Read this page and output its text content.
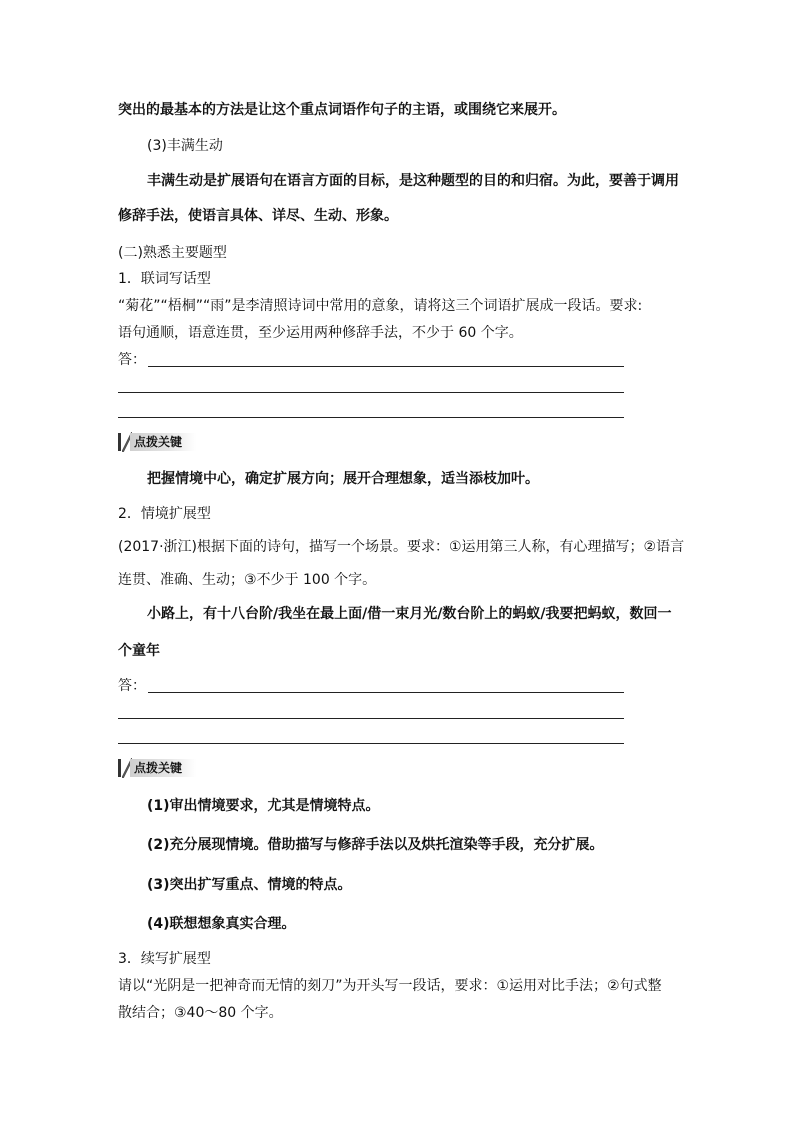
突出的最基本的方法是让这个重点词语作句子的主语，或围绕它来展开。
(3)丰满生动
丰满生动是扩展语句在语言方面的目标，是这种题型的目的和归宿。为此，要善于调用
修辞手法，使语言具体、详尽、生动、形象。
(二)熟悉主要题型
1．联词写话型
“菊花”“梧桐”“雨”是李清照诗词中常用的意象，请将这三个词语扩展成一段话。要求:
语句通顺，语意连贯，至少运用两种修辞手法，不少于 60 个字。
答：
点拨关键
把握情境中心，确定扩展方向；展开合理想象，适当添枝加叶。
2．情境扩展型
(2017·浙江)根据下面的诗句，描写一个场景。要求：①运用第三人称，有心理描写；②语言
连贯、准确、生动；③不少于 100 个字。
小路上，有十八台阶/我坐在最上面/借一束月光/数台阶上的蚂蚁/我要把蚂蚁，数回一
个童年
答：
点拨关键
(1)审出情境要求，尤其是情境特点。
(2)充分展现情境。借助描写与修辞手法以及烘托渲染等手段，充分扩展。
(3)突出扩写重点、情境的特点。
(4)联想想象真实合理。
3．续写扩展型
请以“光阴是一把神奇而无情的刻刀”为开头写一段话，要求：①运用对比手法；②句式整
散结合；③40～80 个字。
